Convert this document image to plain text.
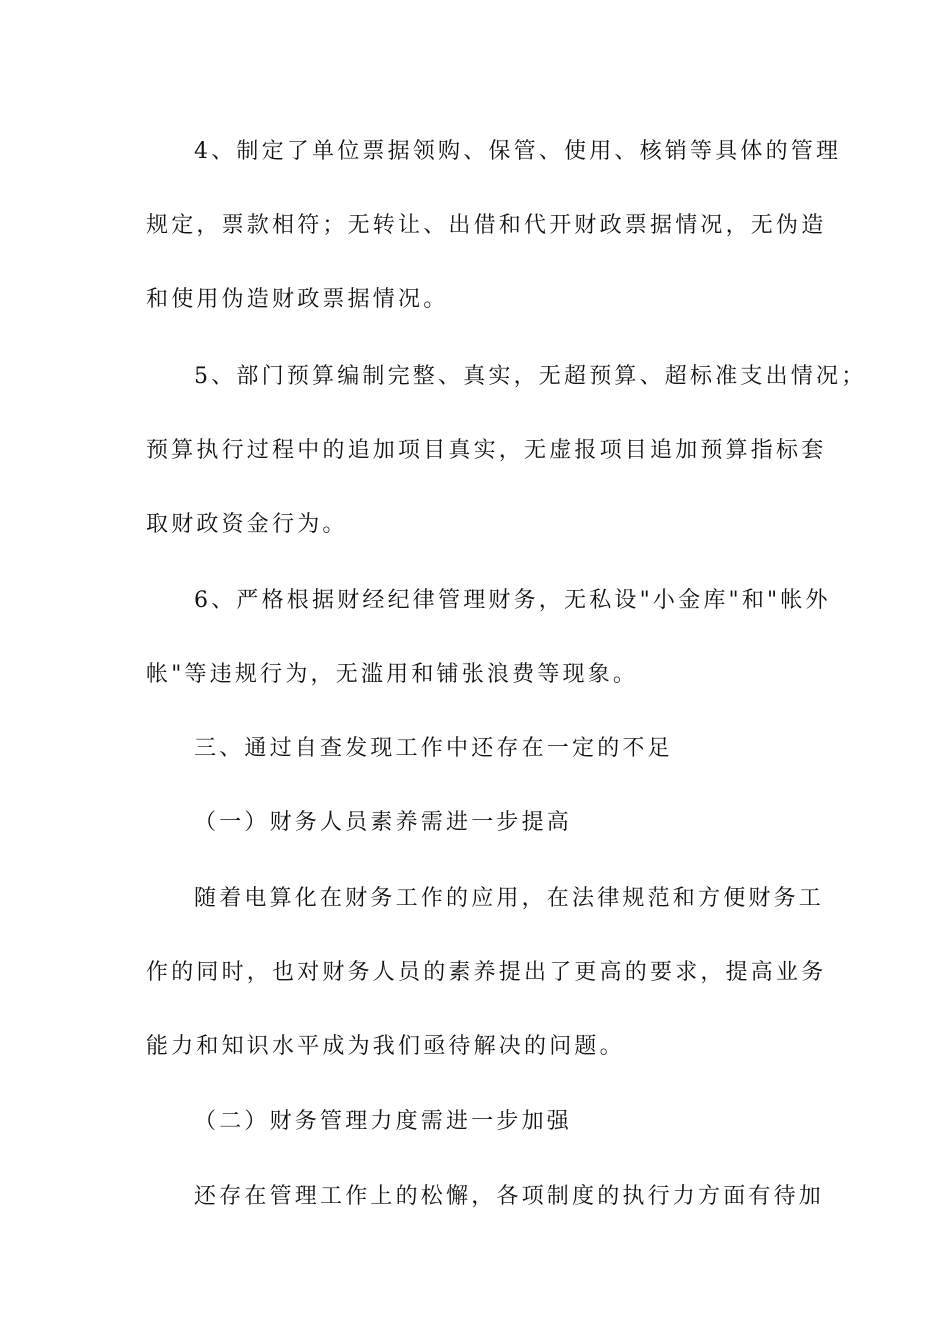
4、制定了单位票据领购、保管、使用、核销等具体的管理
规定，票款相符；无转让、出借和代开财政票据情况，无伪造
和使用伪造财政票据情况。
5、部门预算编制完整、真实，无超预算、超标准支出情况；
预算执行过程中的追加项目真实，无虚报项目追加预算指标套
取财政资金行为。
6、严格根据财经纪律管理财务，无私设"小金库"和"帐外
帐"等违规行为，无滥用和铺张浪费等现象。
三、通过自查发现工作中还存在一定的不足
（一）财务人员素养需进一步提高
随着电算化在财务工作的应用，在法律规范和方便财务工
作的同时，也对财务人员的素养提出了更高的要求，提高业务
能力和知识水平成为我们亟待解决的问题。
（二）财务管理力度需进一步加强
还存在管理工作上的松懈，各项制度的执行力方面有待加
